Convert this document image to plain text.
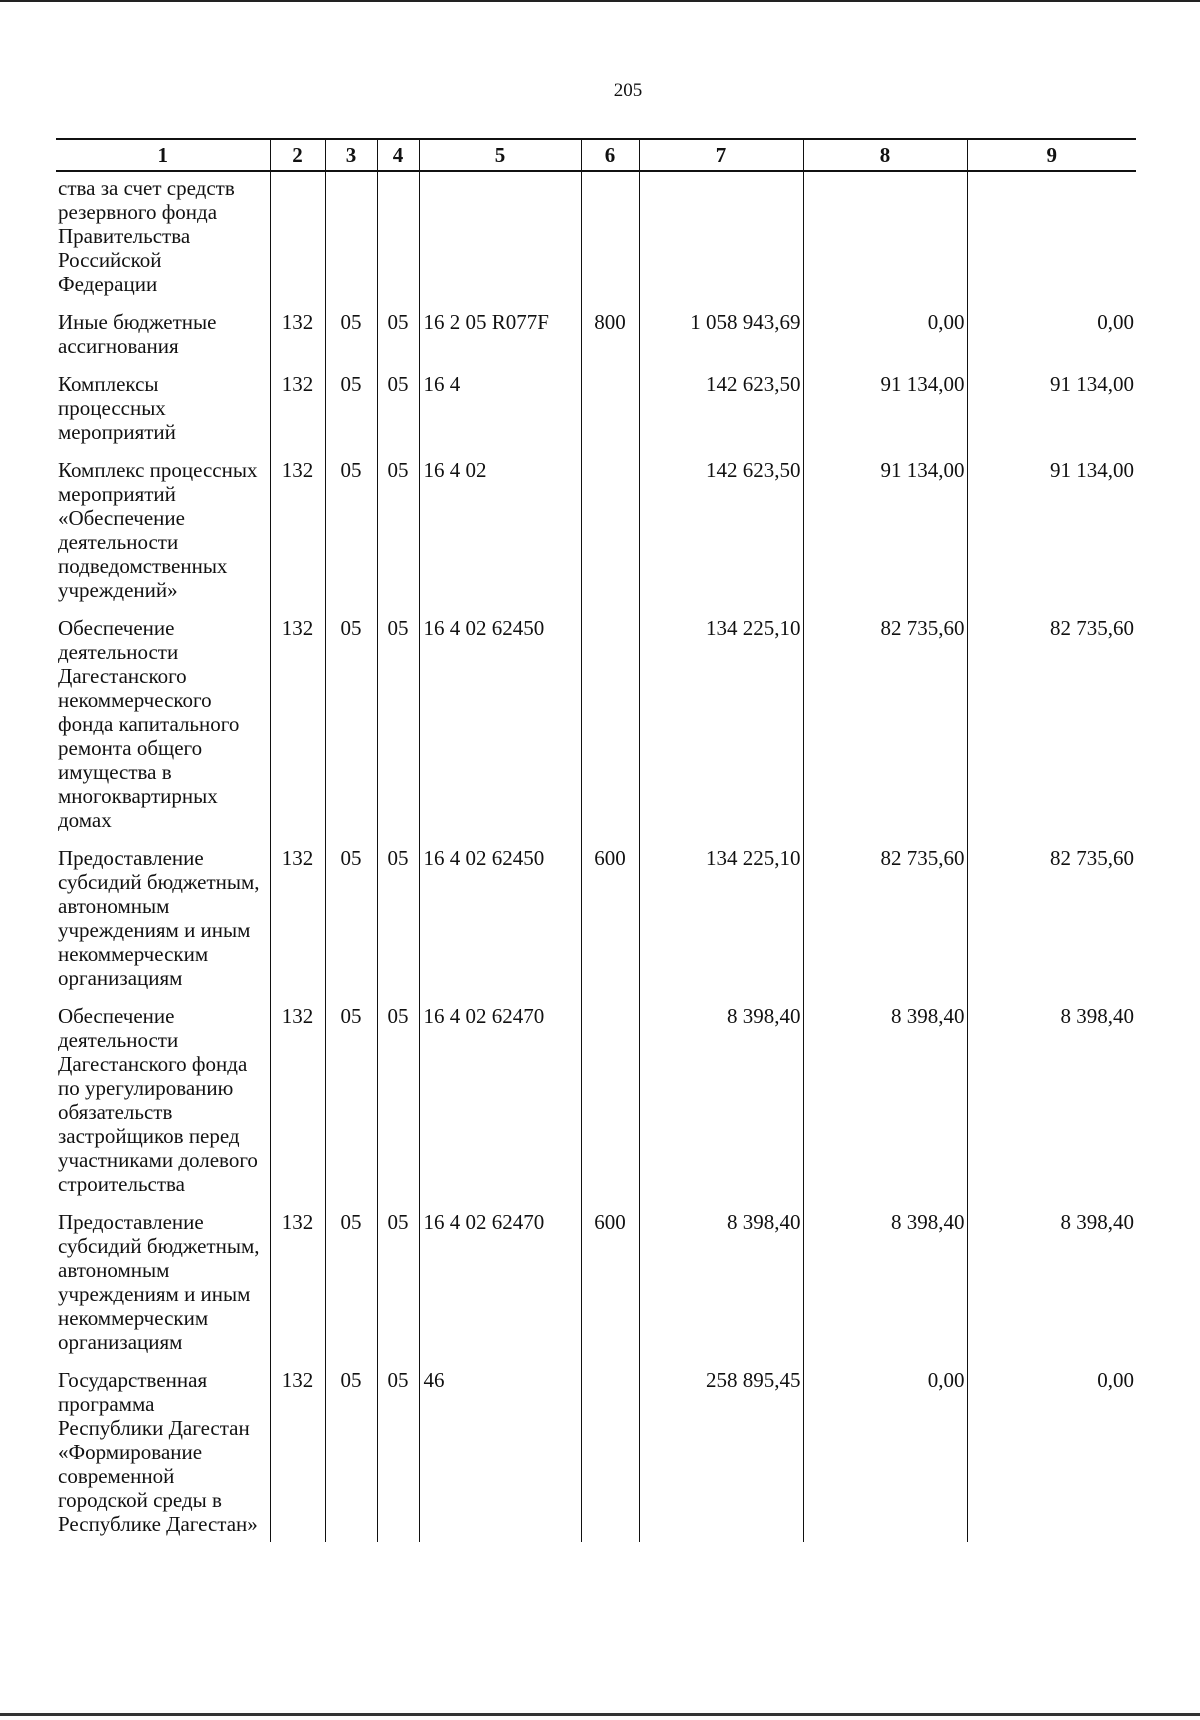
205
1	2	3	4	5	6	7	8	9
ства за счет средств резервного фонда Правительства Российской Федерации								
Иные бюджетные ассигнования	132	05	05	16 2 05 R077F	800	1 058 943,69	0,00	0,00
Комплексы процессных мероприятий	132	05	05	16 4		142 623,50	91 134,00	91 134,00
Комплекс процессных мероприятий «Обеспечение деятельности подведомственных учреждений»	132	05	05	16 4 02		142 623,50	91 134,00	91 134,00
Обеспечение деятельности Дагестанского некоммерческого фонда капитального ремонта общего имущества в многоквартирных домах	132	05	05	16 4 02 62450		134 225,10	82 735,60	82 735,60
Предоставление субсидий бюджетным, автономным учреждениям и иным некоммерческим организациям	132	05	05	16 4 02 62450	600	134 225,10	82 735,60	82 735,60
Обеспечение деятельности Дагестанского фонда по урегулированию обязательств застройщиков перед участниками долевого строительства	132	05	05	16 4 02 62470		8 398,40	8 398,40	8 398,40
Предоставление субсидий бюджетным, автономным учреждениям и иным некоммерческим организациям	132	05	05	16 4 02 62470	600	8 398,40	8 398,40	8 398,40
Государственная программа Республики Дагестан «Формирование современной городской среды в Республике Дагестан»	132	05	05	46		258 895,45	0,00	0,00
